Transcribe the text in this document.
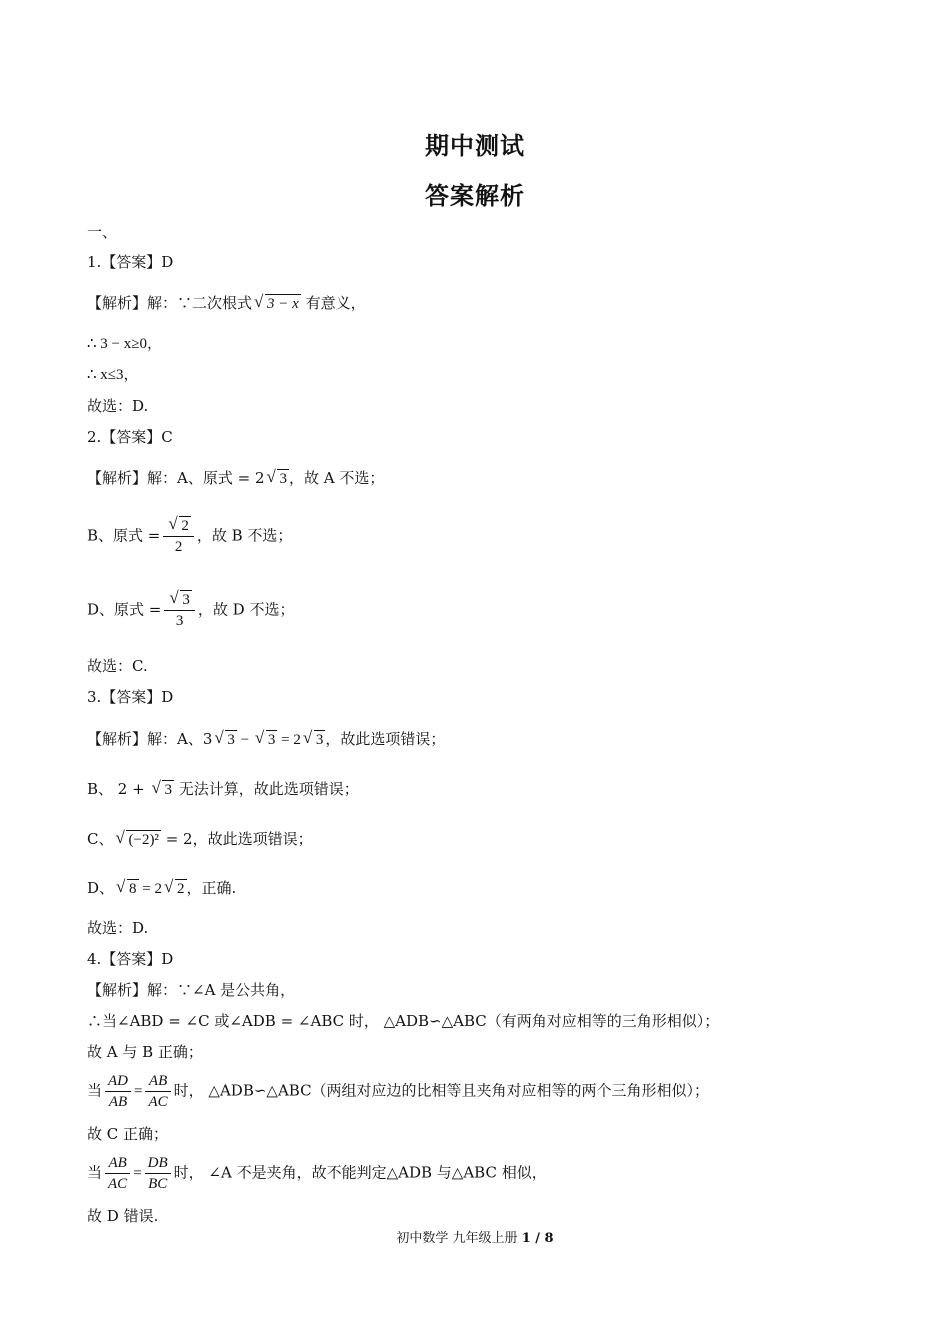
期中测试
答案解析
一、
1.【答案】D
【解析】解：∵二次根式 √ 3 − x 有意义，
∴ 3 − x≥0，
∴ x≤3，
故选：D.
2.【答案】C
【解析】解：A、原式 = 2 √ 3 ，故 A 不选；
B、原式 = $\frac{√ 2}{2}$ ，故 B 不选；
D、原式 = $\frac{√ 3}{3}$ ，故 D 不选；
故选：C.
3.【答案】D
【解析】解：A、3 √ 3 − √ 3 = 2 √ 3 ，故此选项错误；
B、 2 + √ 3 无法计算，故此选项错误；
C、 √ (−2)² = 2，故此选项错误；
D、 √ 8 = 2 √ 2 ，正确.
故选：D.
4.【答案】D
【解析】解：∵∠A 是公共角，
∴当∠ABD = ∠C 或∠ADB = ∠ABC 时， △ADB∽△ABC（有两角对应相等的三角形相似）；
故 A 与 B 正确；
当 $\frac{AD}{AB} = \frac{AB}{AC}$ 时， △ADB∽△ABC（两组对应边的比相等且夹角对应相等的两个三角形相似）；
故 C 正确；
当 $\frac{AB}{AC} = \frac{DB}{BC}$ 时， ∠A 不是夹角，故不能判定△ADB 与△ABC 相似，
故 D 错误.
初中数学 九年级上册 1 / 8
